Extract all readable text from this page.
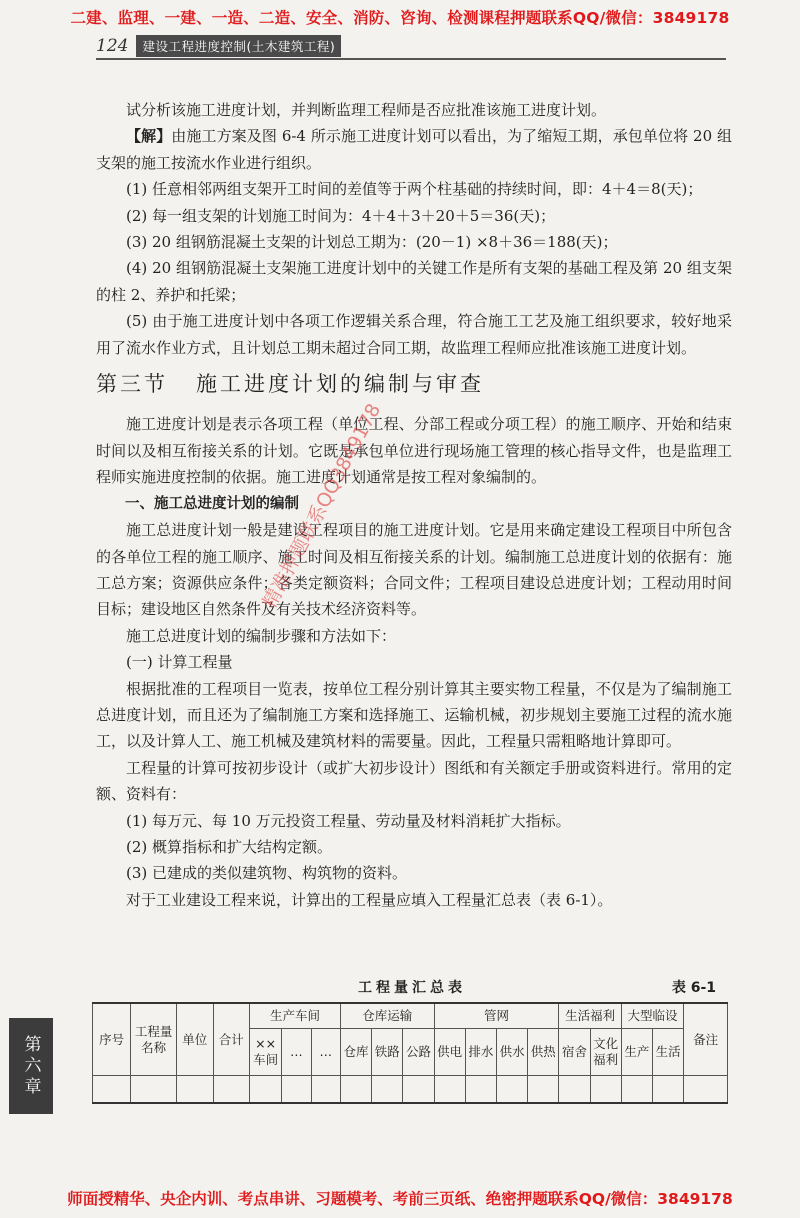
二建、监理、一建、一造、二造、安全、消防、咨询、检测课程押题联系QQ/微信：3849178
124	建设工程进度控制(土木建筑工程)

试分析该施工进度计划，并判断监理工程师是否应批准该施工进度计划。

【解】由施工方案及图 6-4 所示施工进度计划可以看出，为了缩短工期，承包单位将 20 组支架的施工按流水作业进行组织。

(1) 任意相邻两组支架开工时间的差值等于两个柱基础的持续时间，即：4＋4＝8(天)；

(2) 每一组支架的计划施工时间为：4＋4＋3＋20＋5＝36(天)；

(3) 20 组钢筋混凝土支架的计划总工期为：(20－1) ×8＋36＝188(天)；

(4) 20 组钢筋混凝土支架施工进度计划中的关键工作是所有支架的基础工程及第 20 组支架的柱 2、养护和托梁；

(5) 由于施工进度计划中各项工作逻辑关系合理，符合施工工艺及施工组织要求，较好地采用了流水作业方式，且计划总工期未超过合同工期，故监理工程师应批准该施工进度计划。

第三节 施工进度计划的编制与审查

施工进度计划是表示各项工程（单位工程、分部工程或分项工程）的施工顺序、开始和结束时间以及相互衔接关系的计划。它既是承包单位进行现场施工管理的核心指导文件，也是监理工程师实施进度控制的依据。施工进度计划通常是按工程对象编制的。

一、施工总进度计划的编制

施工总进度计划一般是建设工程项目的施工进度计划。它是用来确定建设工程项目中所包含的各单位工程的施工顺序、施工时间及相互衔接关系的计划。编制施工总进度计划的依据有：施工总方案；资源供应条件；各类定额资料；合同文件；工程项目建设总进度计划；工程动用时间目标；建设地区自然条件及有关技术经济资料等。

施工总进度计划的编制步骤和方法如下：

(一) 计算工程量

根据批准的工程项目一览表，按单位工程分别计算其主要实物工程量，不仅是为了编制施工总进度计划，而且还为了编制施工方案和选择施工、运输机械，初步规划主要施工过程的流水施工，以及计算人工、施工机械及建筑材料的需要量。因此，工程量只需粗略地计算即可。

工程量的计算可按初步设计（或扩大初步设计）图纸和有关额定手册或资料进行。常用的定额、资料有：

(1) 每万元、每 10 万元投资工程量、劳动量及材料消耗扩大指标。

(2) 概算指标和扩大结构定额。

(3) 已建成的类似建筑物、构筑物的资料。

对于工业建设工程来说，计算出的工程量应填入工程量汇总表（表 6-1）。

工程量汇总表	表 6-1
序号	工程量名称	单位	合计	生产车间			仓库运输			管网				生活福利		大型临设		备注
				××车间	…	…	仓库	铁路	公路	供电	排水	供水	供热	宿舍	文化福利	生产	生活	

第六章
精准押题联系QQ3849178
师面授精华、央企内训、考点串讲、习题模考、考前三页纸、绝密押题联系QQ/微信：3849178
